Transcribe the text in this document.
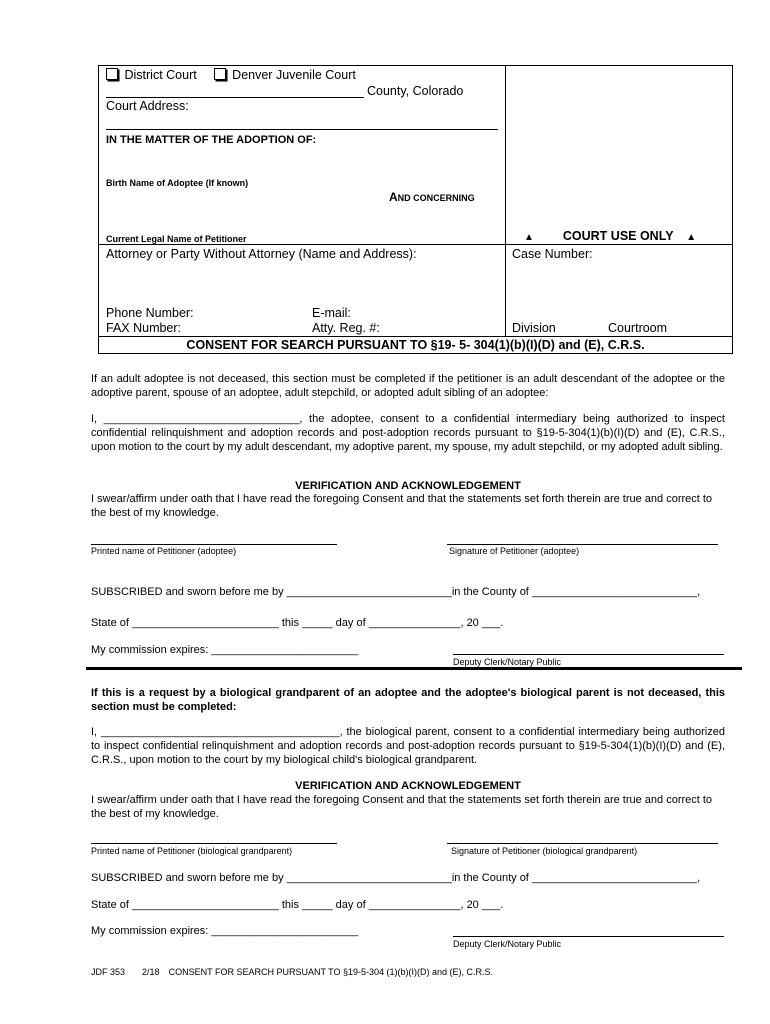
District Court	Denver Juvenile Court
County, Colorado
Court Address:
IN THE MATTER OF THE ADOPTION OF:
Birth Name of Adoptee (If known)
AND CONCERNING
Current Legal Name of Petitioner	▲ COURT USE ONLY ▲
Attorney or Party Without Attorney (Name and Address):	Case Number:
Phone Number:	E-mail:
FAX Number:	Atty. Reg. #:	Division	Courtroom
CONSENT FOR SEARCH PURSUANT TO §19- 5- 304(1)(b)(I)(D) and (E), C.R.S.
If an adult adoptee is not deceased, this section must be completed if the petitioner is an adult descendant of the adoptee or the adoptive parent, spouse of an adoptee, adult stepchild, or adopted adult sibling of an adoptee:
I, ________________________________, the adoptee, consent to a confidential intermediary being authorized to inspect confidential relinquishment and adoption records and post-adoption records pursuant to §19-5-304(1)(b)(I)(D) and (E), C.R.S., upon motion to the court by my adult descendant, my adoptive parent, my spouse, my adult stepchild, or my adopted adult sibling.
VERIFICATION AND ACKNOWLEDGEMENT
I swear/affirm under oath that I have read the foregoing Consent and that the statements set forth therein are true and correct to the best of my knowledge.
Printed name of Petitioner (adoptee)	Signature of Petitioner (adoptee)
SUBSCRIBED and sworn before me by ___________________________in the County of ___________________________,
State of ________________________ this _____ day of _______________, 20 ___.
My commission expires: ________________________
Deputy Clerk/Notary Public
If this is a request by a biological grandparent of an adoptee and the adoptee's biological parent is not deceased, this section must be completed:
I, _______________________________________, the biological parent, consent to a confidential intermediary being authorized to inspect confidential relinquishment and adoption records and post-adoption records pursuant to §19-5-304(1)(b)(I)(D) and (E), C.R.S., upon motion to the court by my biological child's biological grandparent.
VERIFICATION AND ACKNOWLEDGEMENT
I swear/affirm under oath that I have read the foregoing Consent and that the statements set forth therein are true and correct to the best of my knowledge.
Printed name of Petitioner (biological grandparent)	Signature of Petitioner (biological grandparent)
SUBSCRIBED and sworn before me by ___________________________in the County of ___________________________,
State of ________________________ this _____ day of _______________, 20 ___.
My commission expires: ________________________
Deputy Clerk/Notary Public
JDF 353 2/18 CONSENT FOR SEARCH PURSUANT TO §19-5-304 (1)(b)(I)(D) and (E), C.R.S.
